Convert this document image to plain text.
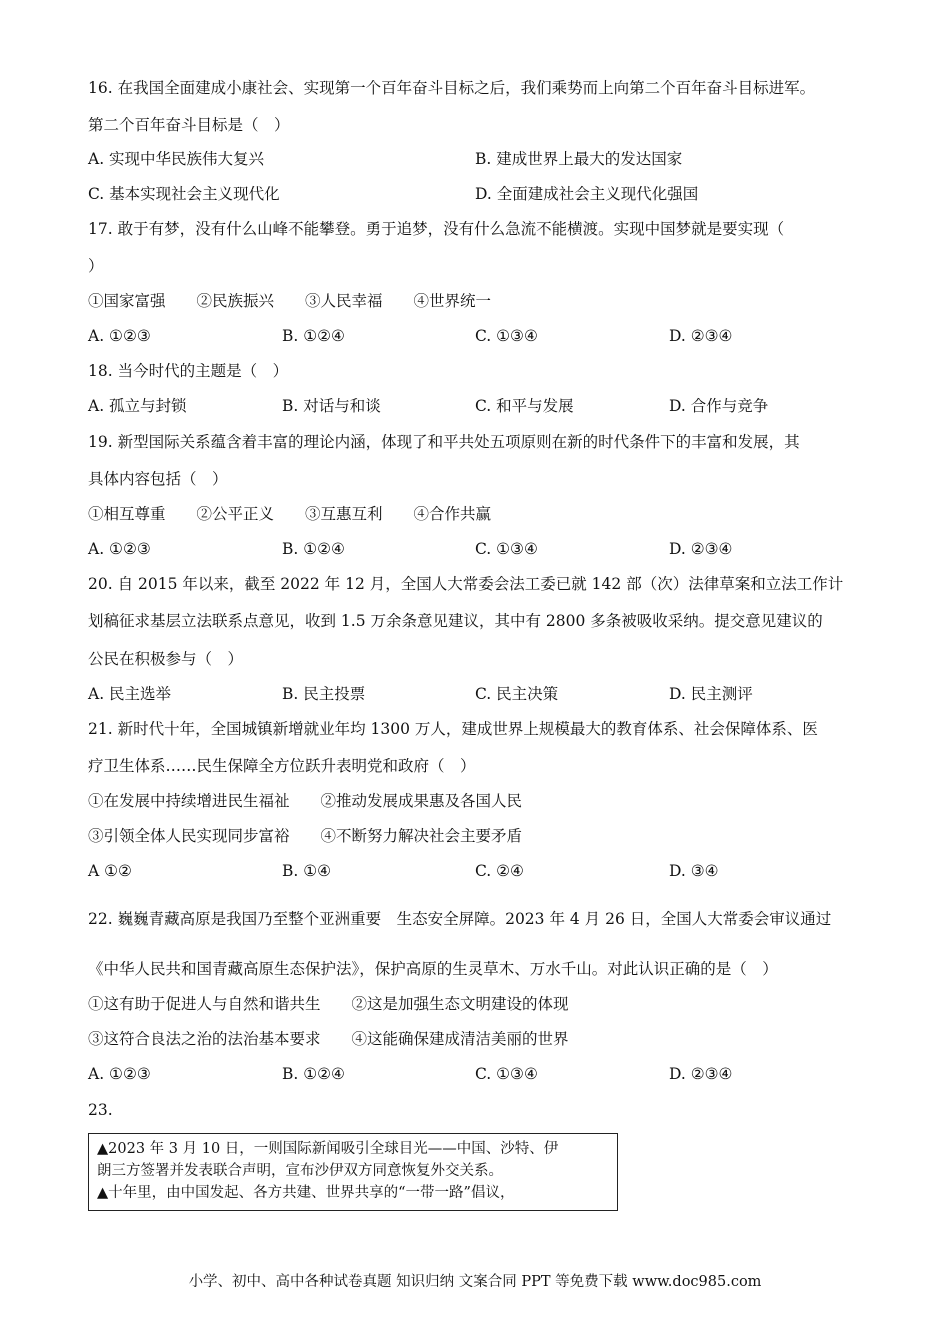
16. 在我国全面建成小康社会、实现第一个百年奋斗目标之后，我们乘势而上向第二个百年奋斗目标进军。
第二个百年奋斗目标是（　）
A. 实现中华民族伟大复兴	B. 建成世界上最大的发达国家
C. 基本实现社会主义现代化	D. 全面建成社会主义现代化强国
17. 敢于有梦，没有什么山峰不能攀登。勇于追梦，没有什么急流不能横渡。实现中国梦就是要实现（
）
①国家富强　　②民族振兴　　③人民幸福　　④世界统一
A. ①②③	B. ①②④	C. ①③④	D. ②③④
18. 当今时代的主题是（　）
A. 孤立与封锁	B. 对话与和谈	C. 和平与发展	D. 合作与竞争
19. 新型国际关系蕴含着丰富的理论内涵，体现了和平共处五项原则在新的时代条件下的丰富和发展，其
具体内容包括（　）
①相互尊重　　②公平正义　　③互惠互利　　④合作共赢
A. ①②③	B. ①②④	C. ①③④	D. ②③④
20. 自 2015 年以来，截至 2022 年 12 月，全国人大常委会法工委已就 142 部（次）法律草案和立法工作计
划稿征求基层立法联系点意见，收到 1.5 万余条意见建议，其中有 2800 多条被吸收采纳。提交意见建议的
公民在积极参与（　）
A. 民主选举	B. 民主投票	C. 民主决策	D. 民主测评
21. 新时代十年，全国城镇新增就业年均 1300 万人，建成世界上规模最大的教育体系、社会保障体系、医
疗卫生体系……民生保障全方位跃升表明党和政府（　）
①在发展中持续增进民生福祉　　②推动发展成果惠及各国人民
③引领全体人民实现同步富裕　　④不断努力解决社会主要矛盾
A ①②	B. ①④	C. ②④	D. ③④
22. 巍巍青藏高原是我国乃至整个亚洲重要　生态安全屏障。2023 年 4 月 26 日，全国人大常委会审议通过
《中华人民共和国青藏高原生态保护法》，保护高原的生灵草木、万水千山。对此认识正确的是（　）
①这有助于促进人与自然和谐共生　　②这是加强生态文明建设的体现
③这符合良法之治的法治基本要求　　④这能确保建成清洁美丽的世界
A. ①②③	B. ①②④	C. ①③④	D. ②③④
23.
▲2023 年 3 月 10 日，一则国际新闻吸引全球目光——中国、沙特、伊
朗三方签署并发表联合声明，宣布沙伊双方同意恢复外交关系。
▲十年里，由中国发起、各方共建、世界共享的“一带一路”倡议，
小学、初中、高中各种试卷真题 知识归纳 文案合同 PPT 等免费下载 www.doc985.com
